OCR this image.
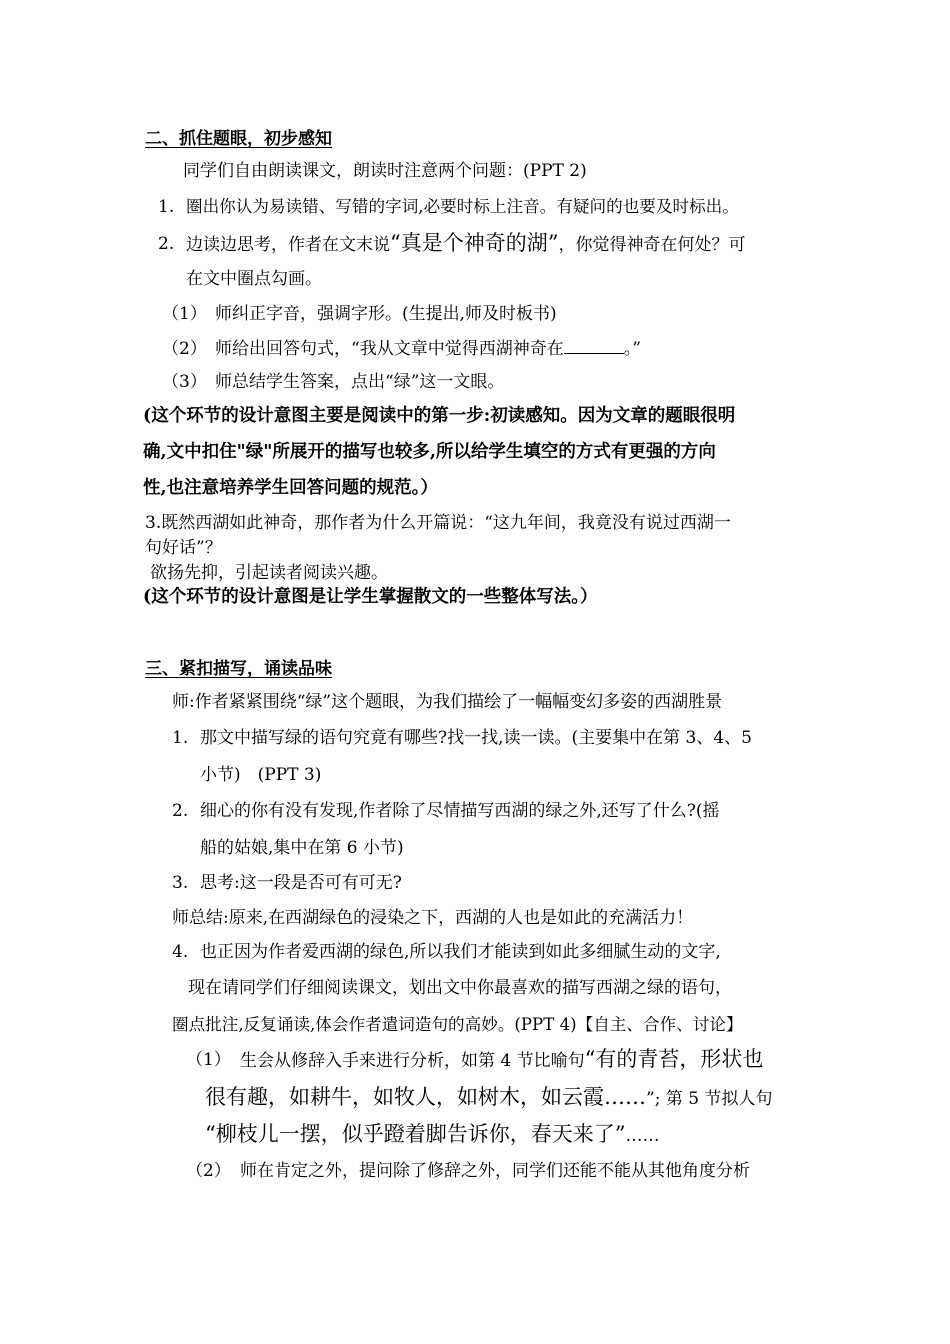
二、抓住题眼，初步感知
同学们自由朗读课文，朗读时注意两个问题：(PPT 2)
1. 圈出你认为易读错、写错的字词,必要时标上注音。有疑问的也要及时标出。
2. 边读边思考，作者在文末说“真是个神奇的湖”，你觉得神奇在何处？可
在文中圈点勾画。
（1） 师纠正字音，强调字形。(生提出,师及时板书)
（2） 师给出回答句式，“我从文章中觉得西湖神奇在	。”
（3） 师总结学生答案，点出“绿”这一文眼。
(这个环节的设计意图主要是阅读中的第一步:初读感知。因为文章的题眼很明
确,文中扣住"绿"所展开的描写也较多,所以给学生填空的方式有更强的方向
性,也注意培养学生回答问题的规范。）
3.既然西湖如此神奇，那作者为什么开篇说：“这九年间，我竟没有说过西湖一
句好话”？
欲扬先抑，引起读者阅读兴趣。
(这个环节的设计意图是让学生掌握散文的一些整体写法。）
三、紧扣描写，诵读品味
师:作者紧紧围绕“绿”这个题眼，为我们描绘了一幅幅变幻多姿的西湖胜景
1. 那文中描写绿的语句究竟有哪些?找一找,读一读。(主要集中在第 3、4、5
小节)　(PPT 3)
2. 细心的你有没有发现,作者除了尽情描写西湖的绿之外,还写了什么?(摇
船的姑娘,集中在第 6 小节)
3. 思考:这一段是否可有可无?
师总结:原来,在西湖绿色的浸染之下，西湖的人也是如此的充满活力！
4. 也正因为作者爱西湖的绿色,所以我们才能读到如此多细腻生动的文字,
现在请同学们仔细阅读课文，划出文中你最喜欢的描写西湖之绿的语句，
圈点批注,反复诵读,体会作者遣词造句的高妙。(PPT 4)【自主、合作、讨论】
（1） 生会从修辞入手来进行分析，如第 4 节比喻句“有的青苔，形状也
很有趣，如耕牛，如牧人，如树木，如云霞……”; 第 5 节拟人句
“柳枝儿一摆，似乎蹬着脚告诉你，春天来了”……
（2） 师在肯定之外，提问除了修辞之外，同学们还能不能从其他角度分析
